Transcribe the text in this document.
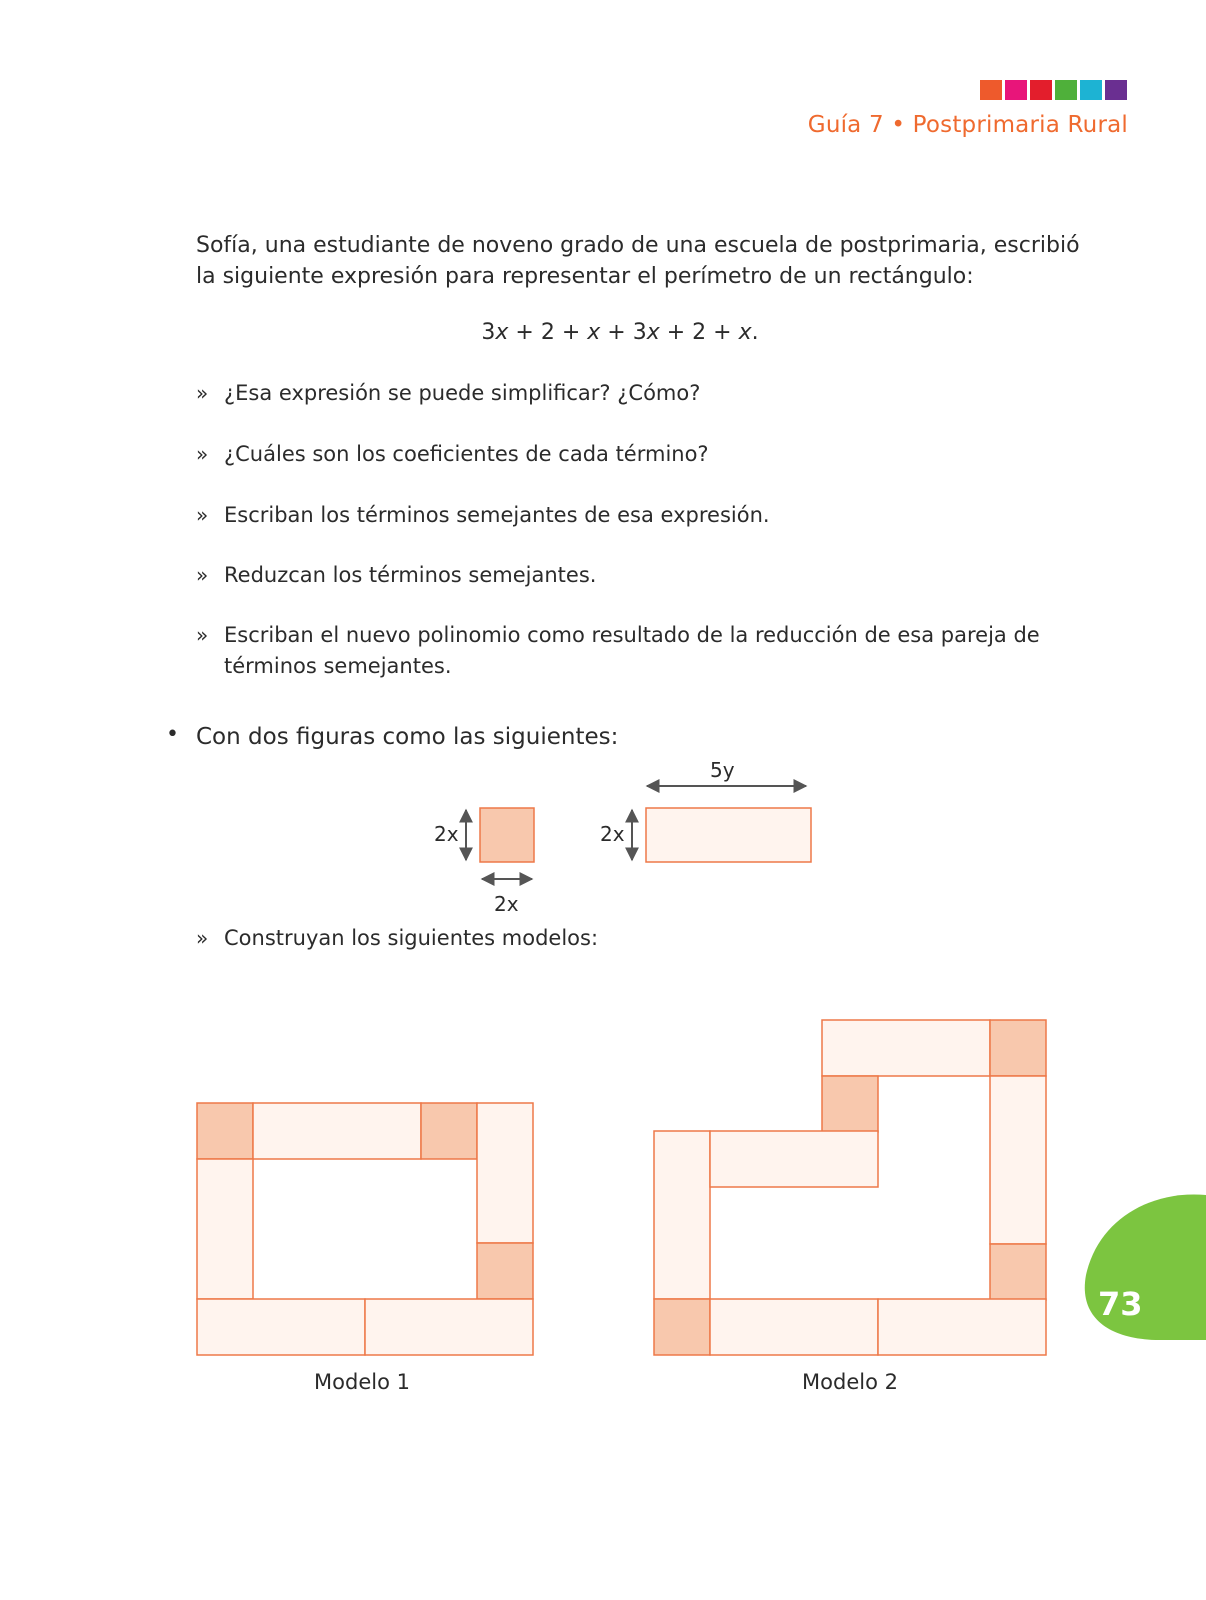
Guía 7 • Postprimaria Rural

Sofía, una estudiante de noveno grado de una escuela de postprimaria, escribió la siguiente expresión para representar el perímetro de un rectángulo:

3x + 2 + x + 3x + 2 + x.
» ¿Esa expresión se puede simplificar? ¿Cómo?
» ¿Cuáles son los coeficientes de cada término?
» Escriban los términos semejantes de esa expresión.
» Reduzcan los términos semejantes.
» Escriban el nuevo polinomio como resultado de la reducción de esa pareja de términos semejantes.
• Con dos figuras como las siguientes:
» Construyan los siguientes modelos:
2x
2x
2x
5y
Modelo 1	Modelo 2
73
